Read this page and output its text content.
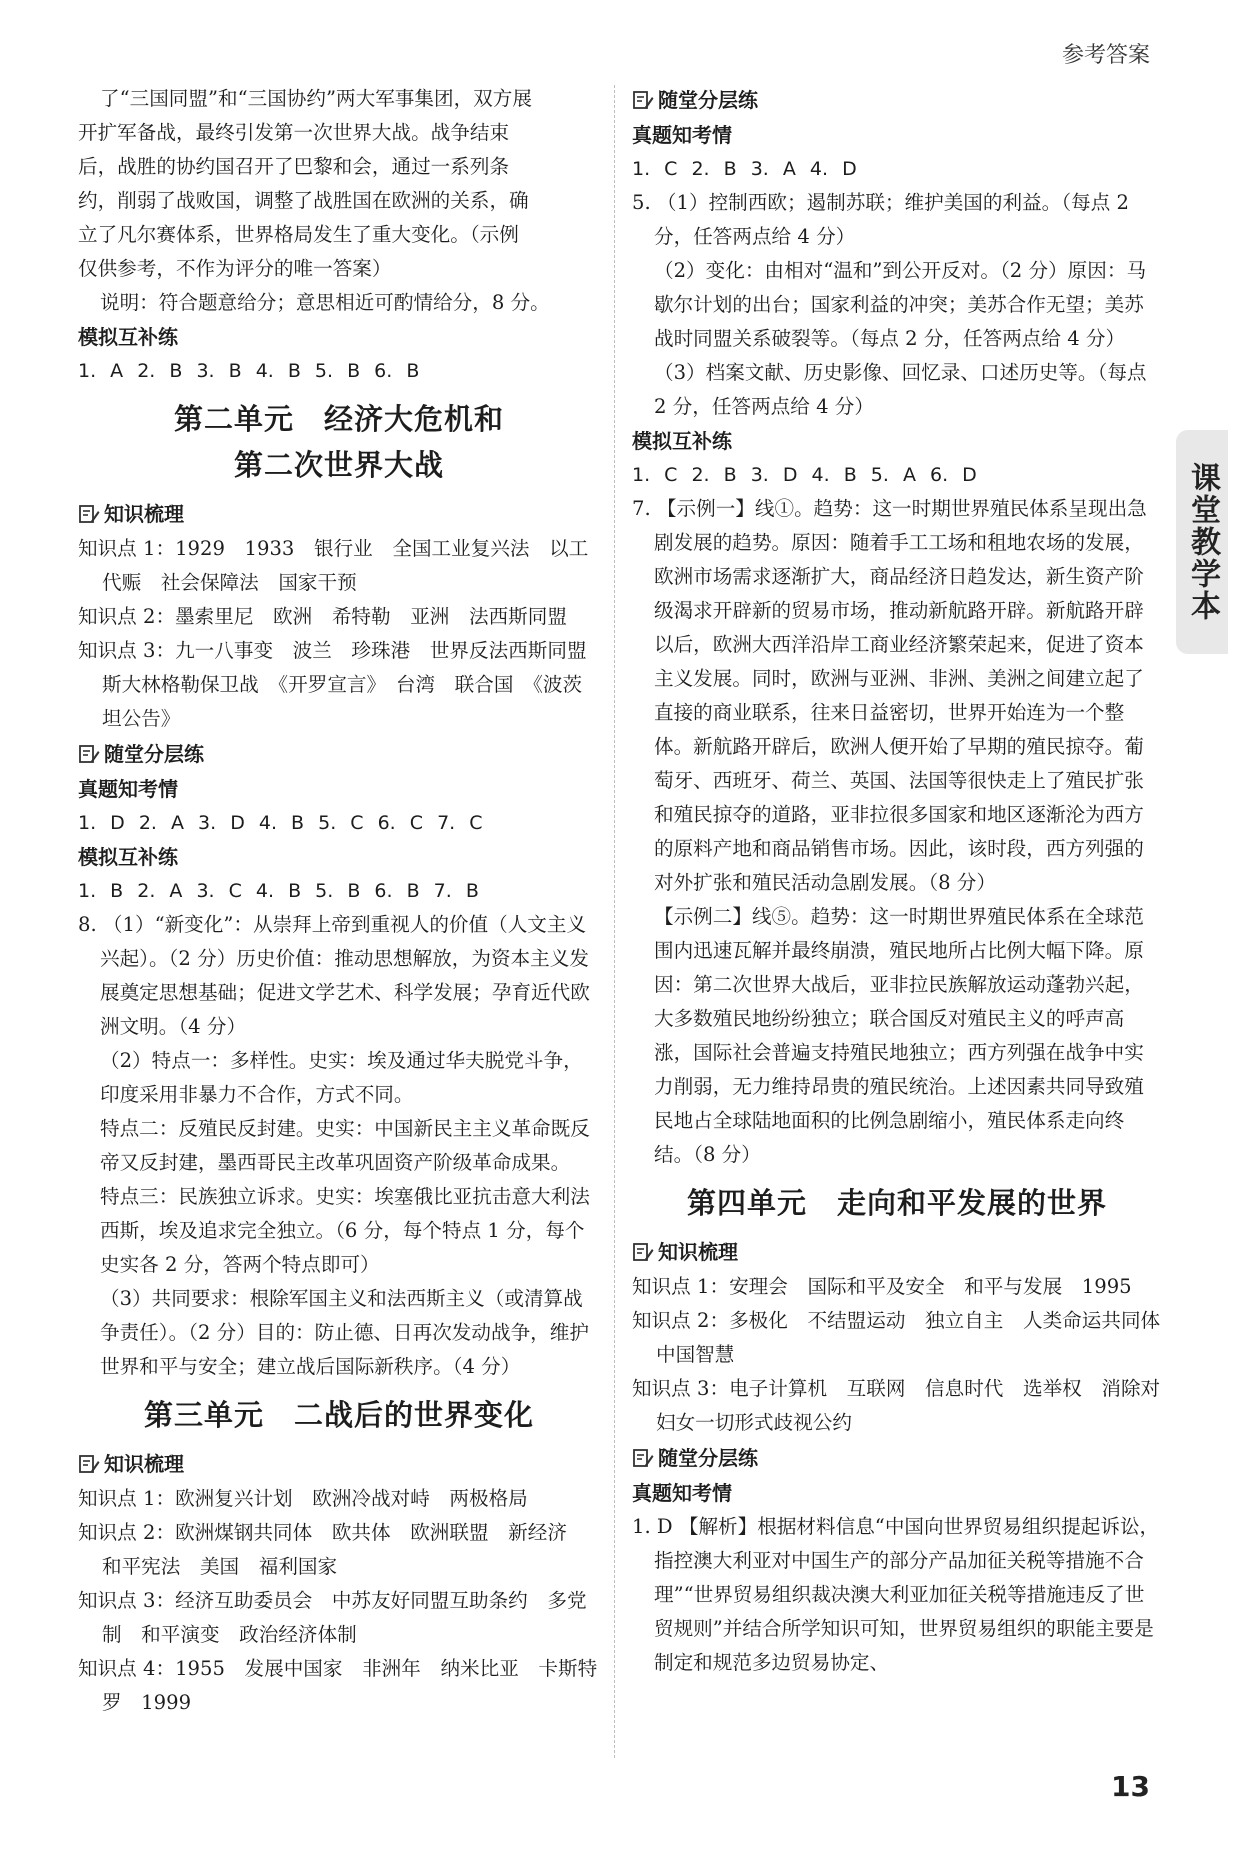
参考答案
课堂教学本

了“三国同盟”和“三国协约”两大军事集团，双方展

开扩军备战，最终引发第一次世界大战。战争结束

后，战胜的协约国召开了巴黎和会，通过一系列条

约，削弱了战败国，调整了战胜国在欧洲的关系，确

立了凡尔赛体系，世界格局发生了重大变化。（示例

仅供参考，不作为评分的唯一答案）

说明：符合题意给分；意思相近可酌情给分，8 分。

模拟互补练

1. A 2. B 3. B 4. B 5. B 6. B

第二单元　经济大危机和
第二次世界大战
知识梳理

知识点 1：1929　1933　银行业　全国工业复兴法　以工代赈　社会保障法　国家干预

知识点 2：墨索里尼　欧洲　希特勒　亚洲　法西斯同盟

知识点 3：九一八事变　波兰　珍珠港　世界反法西斯同盟　斯大林格勒保卫战　《开罗宣言》　台湾　联合国　《波茨坦公告》

随堂分层练

真题知考情

1. D 2. A 3. D 4. B 5. C 6. C 7. C

模拟互补练

1. B 2. A 3. C 4. B 5. B 6. B 7. B

8. （1）“新变化”：从崇拜上帝到重视人的价值（人文主义兴起）。（2 分）历史价值：推动思想解放，为资本主义发展奠定思想基础；促进文学艺术、科学发展；孕育近代欧洲文明。（4 分）

（2）特点一：多样性。史实：埃及通过华夫脱党斗争，印度采用非暴力不合作，方式不同。

特点二：反殖民反封建。史实：中国新民主主义革命既反帝又反封建，墨西哥民主改革巩固资产阶级革命成果。

特点三：民族独立诉求。史实：埃塞俄比亚抗击意大利法西斯，埃及追求完全独立。（6 分，每个特点 1 分，每个史实各 2 分，答两个特点即可）

（3）共同要求：根除军国主义和法西斯主义（或清算战争责任）。（2 分）目的：防止德、日再次发动战争，维护世界和平与安全；建立战后国际新秩序。（4 分）

第三单元　二战后的世界变化
知识梳理

知识点 1：欧洲复兴计划　欧洲冷战对峙　两极格局

知识点 2：欧洲煤钢共同体　欧共体　欧洲联盟　新经济　和平宪法　美国　福利国家

知识点 3：经济互助委员会　中苏友好同盟互助条约　多党制　和平演变　政治经济体制

知识点 4：1955　发展中国家　非洲年　纳米比亚　卡斯特罗　1999

随堂分层练

真题知考情

1. C 2. B 3. A 4. D

5. （1）控制西欧；遏制苏联；维护美国的利益。（每点 2 分，任答两点给 4 分）

（2）变化：由相对“温和”到公开反对。（2 分）原因：马歇尔计划的出台；国家利益的冲突；美苏合作无望；美苏战时同盟关系破裂等。（每点 2 分，任答两点给 4 分）

（3）档案文献、历史影像、回忆录、口述历史等。（每点 2 分，任答两点给 4 分）

模拟互补练

1. C 2. B 3. D 4. B 5. A 6. D

7. 【示例一】线①。趋势：这一时期世界殖民体系呈现出急剧发展的趋势。原因：随着手工工场和租地农场的发展，欧洲市场需求逐渐扩大，商品经济日趋发达，新生资产阶级渴求开辟新的贸易市场，推动新航路开辟。新航路开辟以后，欧洲大西洋沿岸工商业经济繁荣起来，促进了资本主义发展。同时，欧洲与亚洲、非洲、美洲之间建立起了直接的商业联系，往来日益密切，世界开始连为一个整体。新航路开辟后，欧洲人便开始了早期的殖民掠夺。葡萄牙、西班牙、荷兰、英国、法国等很快走上了殖民扩张和殖民掠夺的道路，亚非拉很多国家和地区逐渐沦为西方的原料产地和商品销售市场。因此，该时段，西方列强的对外扩张和殖民活动急剧发展。（8 分）

【示例二】线⑤。趋势：这一时期世界殖民体系在全球范围内迅速瓦解并最终崩溃，殖民地所占比例大幅下降。原因：第二次世界大战后，亚非拉民族解放运动蓬勃兴起，大多数殖民地纷纷独立；联合国反对殖民主义的呼声高涨，国际社会普遍支持殖民地独立；西方列强在战争中实力削弱，无力维持昂贵的殖民统治。上述因素共同导致殖民地占全球陆地面积的比例急剧缩小，殖民体系走向终结。（8 分）

第四单元　走向和平发展的世界
知识梳理

知识点 1：安理会　国际和平及安全　和平与发展　1995

知识点 2：多极化　不结盟运动　独立自主　人类命运共同体　中国智慧

知识点 3：电子计算机　互联网　信息时代　选举权　消除对妇女一切形式歧视公约

随堂分层练

真题知考情

1. D 【解析】根据材料信息“中国向世界贸易组织提起诉讼，指控澳大利亚对中国生产的部分产品加征关税等措施不合理”“世界贸易组织裁决澳大利亚加征关税等措施违反了世贸规则”并结合所学知识可知，世界贸易组织的职能主要是制定和规范多边贸易协定、

13
